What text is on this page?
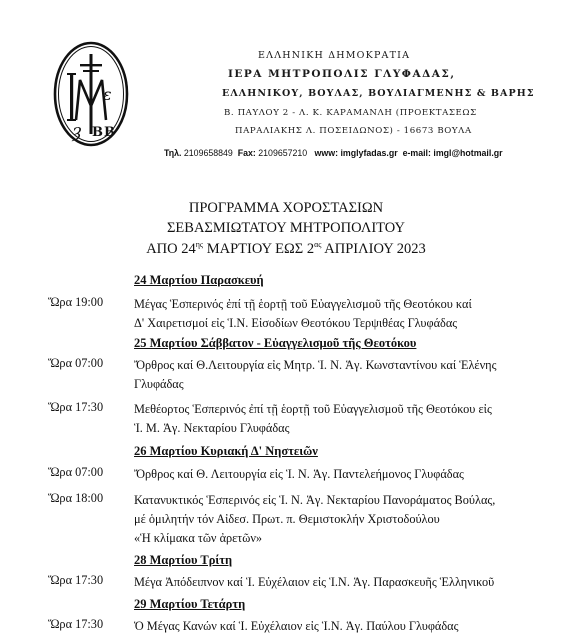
ε
Ȝ B B
ΕΛΛΗΝΙΚΗ ΔΗΜΟΚΡΑΤΙΑ
ΙΕΡΑ ΜΗΤΡΟΠΟΛΙΣ ΓΛΥΦΑΔΑΣ,
ΕΛΛΗΝΙΚΟΥ, ΒΟΥΛΑΣ, ΒΟΥΛΙΑΓΜΕΝΗΣ & ΒΑΡΗΣ
Β. ΠΑΥΛΟΥ 2 - Λ. Κ. ΚΑΡΑΜΑΝΛΗ (ΠΡΟΕΚΤΑΣΕΩΣ
ΠΑΡΑΛΙΑΚΗΣ Λ. ΠΟΣΕΙΔΩΝΟΣ) - 16673 ΒΟΥΛΑ
Τηλ. 2109658849 Fax: 2109657210 www: imglyfadas.gr e-mail: imgl@hotmail.gr
ΠΡΟΓΡΑΜΜΑ ΧΟΡΟΣΤΑΣΙΩΝ
ΣΕΒΑΣΜΙΩΤΑΤΟΥ ΜΗΤΡΟΠΟΛΙΤΟΥ
ΑΠΟ $24^{\eta\varsigma}$ ΜΑΡΤΙΟΥ ΕΩΣ $2^{\alpha\varsigma}$ ΑΠΡΙΛΙΟΥ 2023
24 Μαρτίου Παρασκευή
Ὥρα 19:00	Μέγας Ἑσπερινός ἐπί τῇ ἑορτῇ τοῦ Εὐαγγελισμοῦ τῆς Θεοτόκου καί
Δ' Χαιρετισμοί εἰς Ἱ.Ν. Εἰσοδίων Θεοτόκου Τερψιθέας Γλυφάδας
25 Μαρτίου Σάββατον - Εὐαγγελισμοῦ τῆς Θεοτόκου
Ὥρα 07:00	Ὄρθρος καί Θ.Λειτουργία εἰς Μητρ. Ἱ. Ν. Ἁγ. Κωνσταντίνου καί Ἑλένης
Γλυφάδας
Ὥρα 17:30	Μεθέορτος Ἑσπερινός ἐπί τῇ ἑορτῇ τοῦ Εὐαγγελισμοῦ τῆς Θεοτόκου εἰς
Ἱ. Μ. Ἁγ. Νεκταρίου Γλυφάδας
26 Μαρτίου Κυριακή Δ' Νηστειῶν
Ὥρα 07:00	Ὄρθρος καί Θ. Λειτουργία εἰς Ἱ. Ν. Ἁγ. Παντελεήμονος Γλυφάδας
Ὥρα 18:00	Κατανυκτικός Ἑσπερινός εἰς Ἱ. Ν. Ἁγ. Νεκταρίου Πανοράματος Βούλας,
μέ ὁμιλητήν τόν Αἰδεσ. Πρωτ. π. Θεμιστοκλήν Χριστοδούλου
«Ἡ κλίμακα τῶν ἀρετῶν»
28 Μαρτίου Τρίτη
Ὥρα 17:30	Μέγα Ἀπόδειπνον καί Ἱ. Εὐχέλαιον εἰς Ἱ.Ν. Ἁγ. Παρασκευῆς Ἑλληνικοῦ
29 Μαρτίου Τετάρτη
Ὥρα 17:30	Ὁ Μέγας Κανών καί Ἱ. Εὐχέλαιον εἰς Ἱ.Ν. Ἁγ. Παύλου Γλυφάδας
